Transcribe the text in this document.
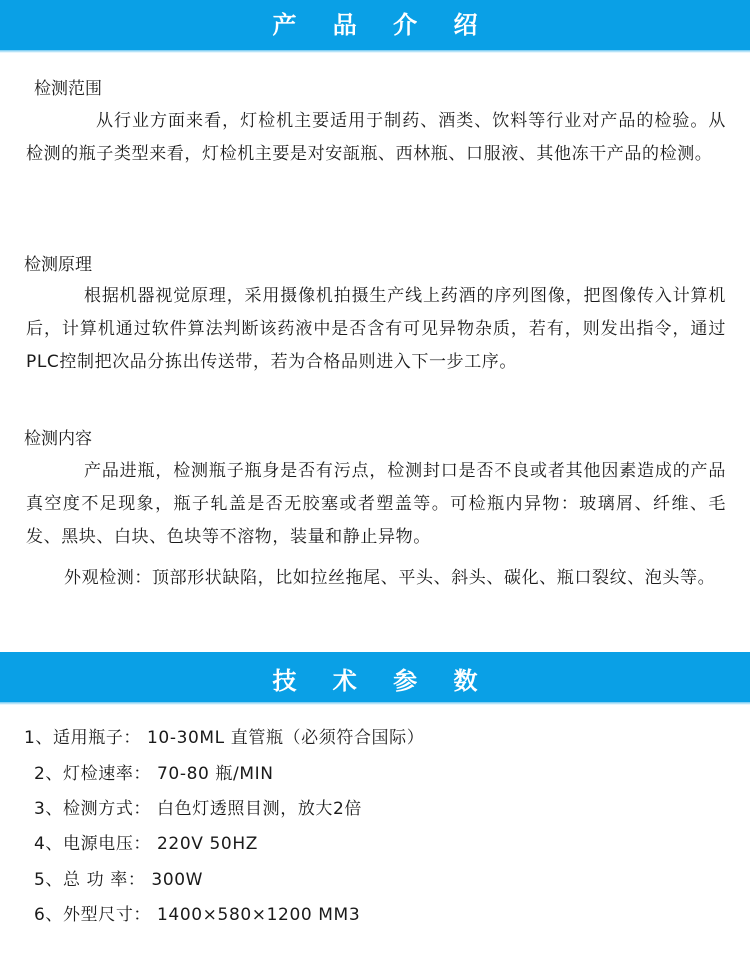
产 品 介 绍
检测范围
从行业方面来看，灯检机主要适用于制药、酒类、饮料等行业对产品的检验。从检测的瓶子类型来看，灯检机主要是对安瓿瓶、西林瓶、口服液、其他冻干产品的检测。
检测原理
根据机器视觉原理，采用摄像机拍摄生产线上药酒的序列图像，把图像传入计算机后，计算机通过软件算法判断该药液中是否含有可见异物杂质，若有，则发出指令，通过PLC控制把次品分拣出传送带，若为合格品则进入下一步工序。
检测内容
产品进瓶，检测瓶子瓶身是否有污点，检测封口是否不良或者其他因素造成的产品真空度不足现象，瓶子轧盖是否无胶塞或者塑盖等。可检瓶内异物：玻璃屑、纤维、毛发、黑块、白块、色块等不溶物，装量和静止异物。
外观检测：顶部形状缺陷，比如拉丝拖尾、平头、斜头、碳化、瓶口裂纹、泡头等。
技 术 参 数
1、适用瓶子： 10-30ML 直管瓶（必须符合国际）
2、灯检速率： 70-80 瓶/MIN
3、检测方式： 白色灯透照目测，放大2倍
4、电源电压： 220V 50HZ
5、总 功 率： 300W
6、外型尺寸： 1400×580×1200 MM3
